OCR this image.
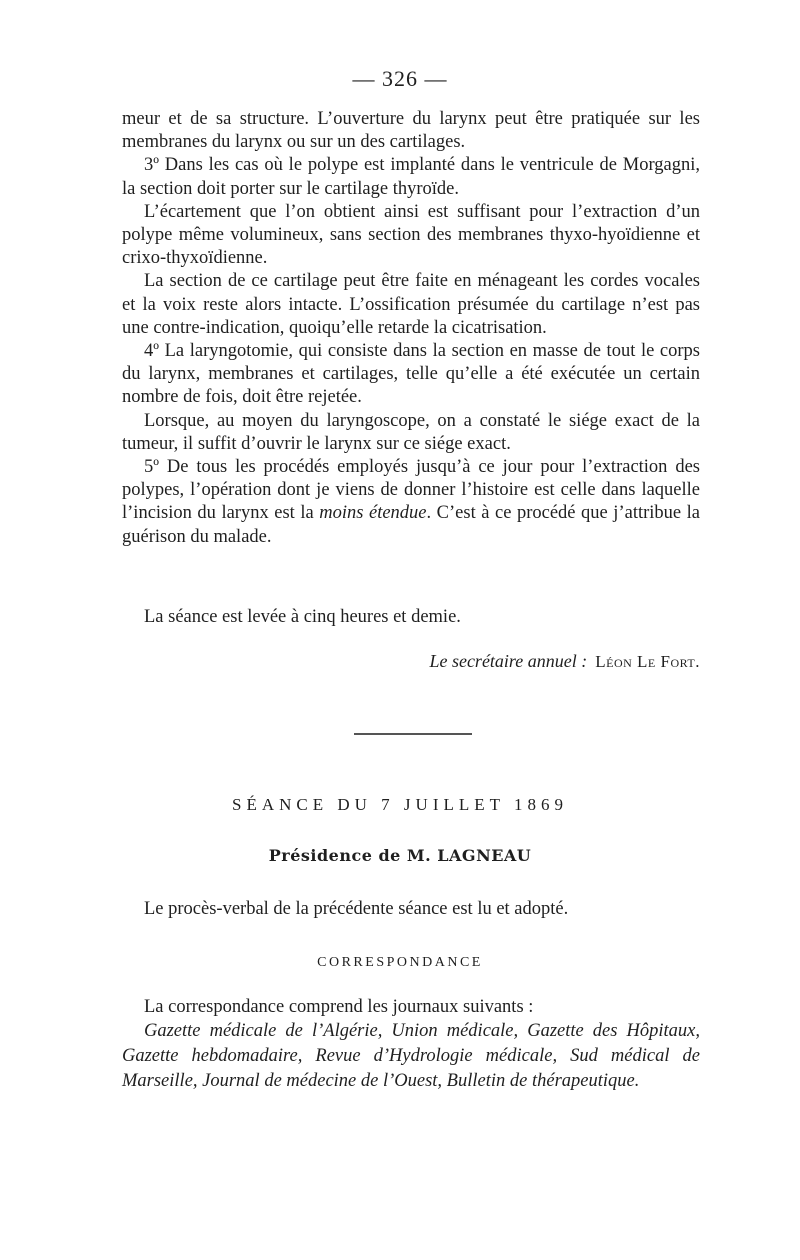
— 326 —

meur et de sa structure. L’ouverture du larynx peut être pratiquée sur les membranes du larynx ou sur un des cartilages.

3º Dans les cas où le polype est implanté dans le ventricule de Morgagni, la section doit porter sur le cartilage thyroïde.

L’écartement que l’on obtient ainsi est suffisant pour l’extraction d’un polype même volumineux, sans section des membranes thyxo-hyoïdienne et crixo-thyxoïdienne.

La section de ce cartilage peut être faite en ménageant les cordes vocales et la voix reste alors intacte. L’ossification présumée du cartilage n’est pas une contre-indication, quoiqu’elle retarde la cicatrisation.

4º La laryngotomie, qui consiste dans la section en masse de tout le corps du larynx, membranes et cartilages, telle qu’elle a été exécutée un certain nombre de fois, doit être rejetée.

Lorsque, au moyen du laryngoscope, on a constaté le siége exact de la tumeur, il suffit d’ouvrir le larynx sur ce siége exact.

5º De tous les procédés employés jusqu’à ce jour pour l’extraction des polypes, l’opération dont je viens de donner l’histoire est celle dans laquelle l’incision du larynx est la moins étendue. C’est à ce procédé que j’attribue la guérison du malade.

La séance est levée à cinq heures et demie.

Le secrétaire annuel : Léon Le Fort.
SÉANCE DU 7 JUILLET 1869
Présidence de M. LAGNEAU

Le procès-verbal de la précédente séance est lu et adopté.

CORRESPONDANCE

La correspondance comprend les journaux suivants :

Gazette médicale de l’Algérie, Union médicale, Gazette des Hôpitaux, Gazette hebdomadaire, Revue d’Hydrologie médicale, Sud médical de Marseille, Journal de médecine de l’Ouest, Bulletin de thérapeutique.
